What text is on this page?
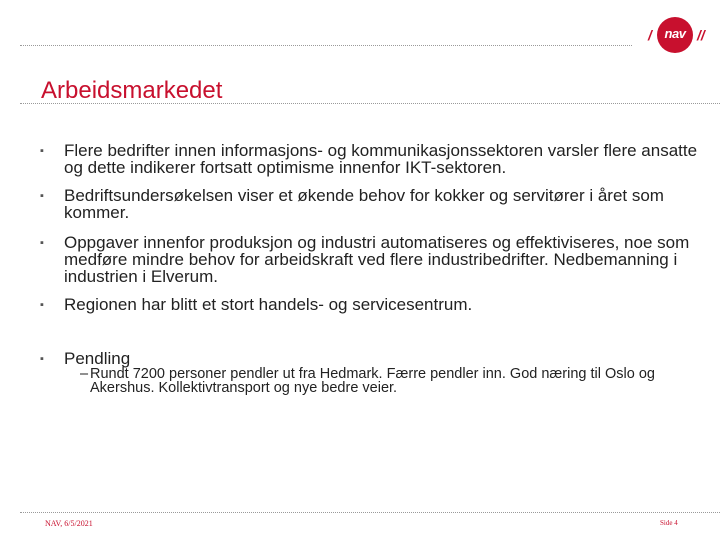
/ nav //
Arbeidsmarkedet
▪ Flere bedrifter innen informasjons- og kommunikasjonssektoren varsler flere ansatte og dette indikerer fortsatt optimisme innenfor IKT-sektoren.
▪ Bedriftsundersøkelsen viser et økende behov for kokker og servitører i året som kommer.
▪ Oppgaver innenfor produksjon og industri automatiseres og effektiviseres, noe som medføre mindre behov for arbeidskraft ved flere industribedrifter. Nedbemanning i industrien i Elverum.
▪ Regionen har blitt et stort handels- og servicesentrum.
▪ Pendling
– Rundt 7200 personer pendler ut fra Hedmark. Færre pendler inn. God næring til Oslo og Akershus. Kollektivtransport og nye bedre veier.
NAV, 6/5/2021	Side 4
